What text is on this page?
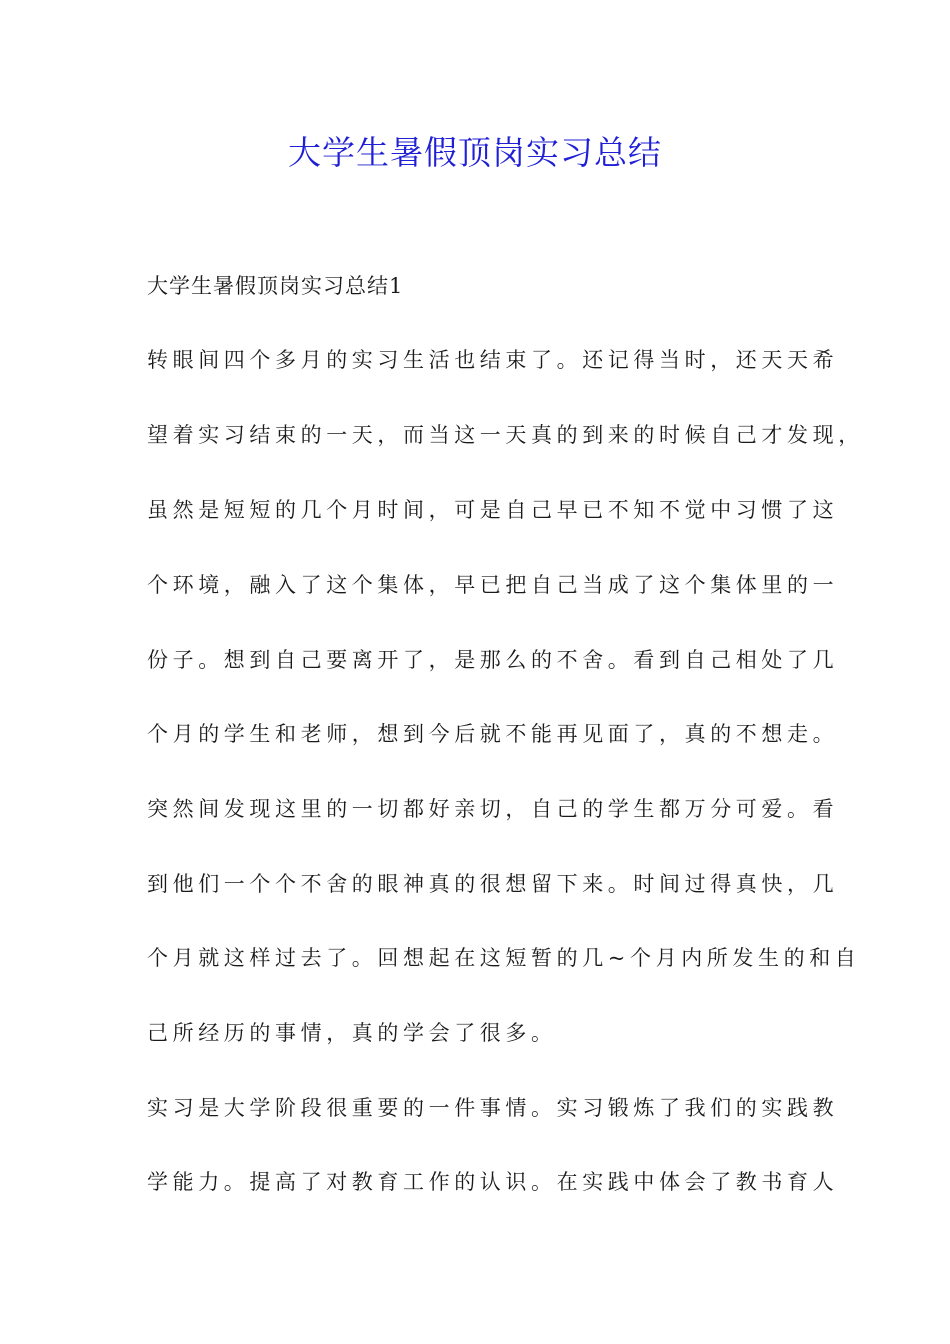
大学生暑假顶岗实习总结
大学生暑假顶岗实习总结1

转眼间四个多月的实习生活也结束了。还记得当时，还天天希

望着实习结束的一天，而当这一天真的到来的时候自己才发现，

虽然是短短的几个月时间，可是自己早已不知不觉中习惯了这

个环境，融入了这个集体，早已把自己当成了这个集体里的一

份子。想到自己要离开了，是那么的不舍。看到自己相处了几

个月的学生和老师，想到今后就不能再见面了，真的不想走。

突然间发现这里的一切都好亲切，自己的学生都万分可爱。看

到他们一个个不舍的眼神真的很想留下来。时间过得真快，几

个月就这样过去了。回想起在这短暂的几~个月内所发生的和自

己所经历的事情，真的学会了很多。

实习是大学阶段很重要的一件事情。实习锻炼了我们的实践教

学能力。提高了对教育工作的认识。在实践中体会了教书育人
